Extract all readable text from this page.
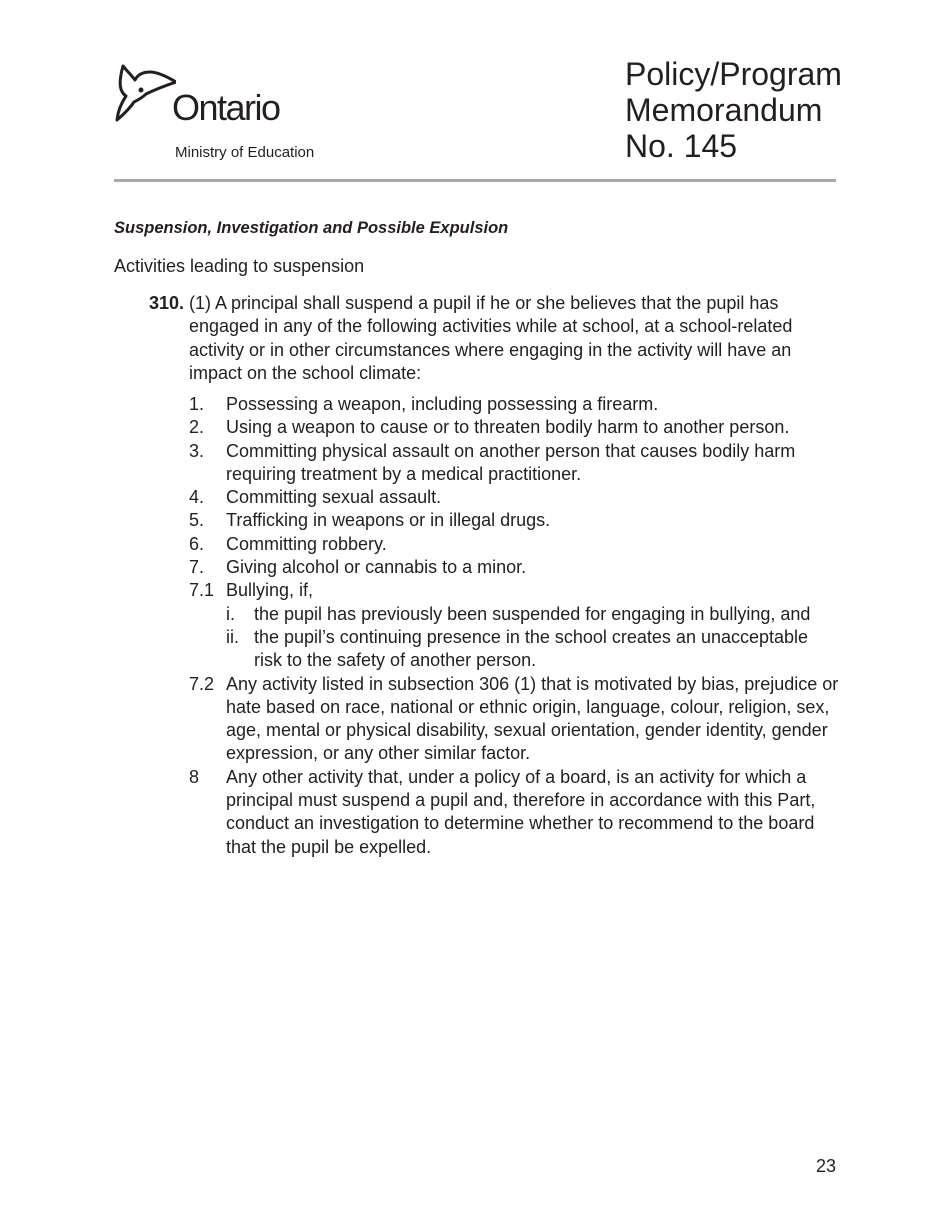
Ontario
Ministry of Education
Policy/Program
Memorandum
No. 145
Suspension, Investigation and Possible Expulsion
Activities leading to suspension
310. (1) A principal shall suspend a pupil if he or she believes that the pupil has engaged in any of the following activities while at school, at a school-related activity or in other circumstances where engaging in the activity will have an impact on the school climate:
1. Possessing a weapon, including possessing a firearm.
2. Using a weapon to cause or to threaten bodily harm to another person.
3. Committing physical assault on another person that causes bodily harm requiring treatment by a medical practitioner.
4. Committing sexual assault.
5. Trafficking in weapons or in illegal drugs.
6. Committing robbery.
7. Giving alcohol or cannabis to a minor.
7.1 Bullying, if,
i. the pupil has previously been suspended for engaging in bullying, and
ii. the pupil’s continuing presence in the school creates an unacceptable risk to the safety of another person.
7.2 Any activity listed in subsection 306 (1) that is motivated by bias, prejudice or hate based on race, national or ethnic origin, language, colour, religion, sex, age, mental or physical disability, sexual orientation, gender identity, gender expression, or any other similar factor.
8 Any other activity that, under a policy of a board, is an activity for which a principal must suspend a pupil and, therefore in accordance with this Part, conduct an investigation to determine whether to recommend to the board that the pupil be expelled.
23
